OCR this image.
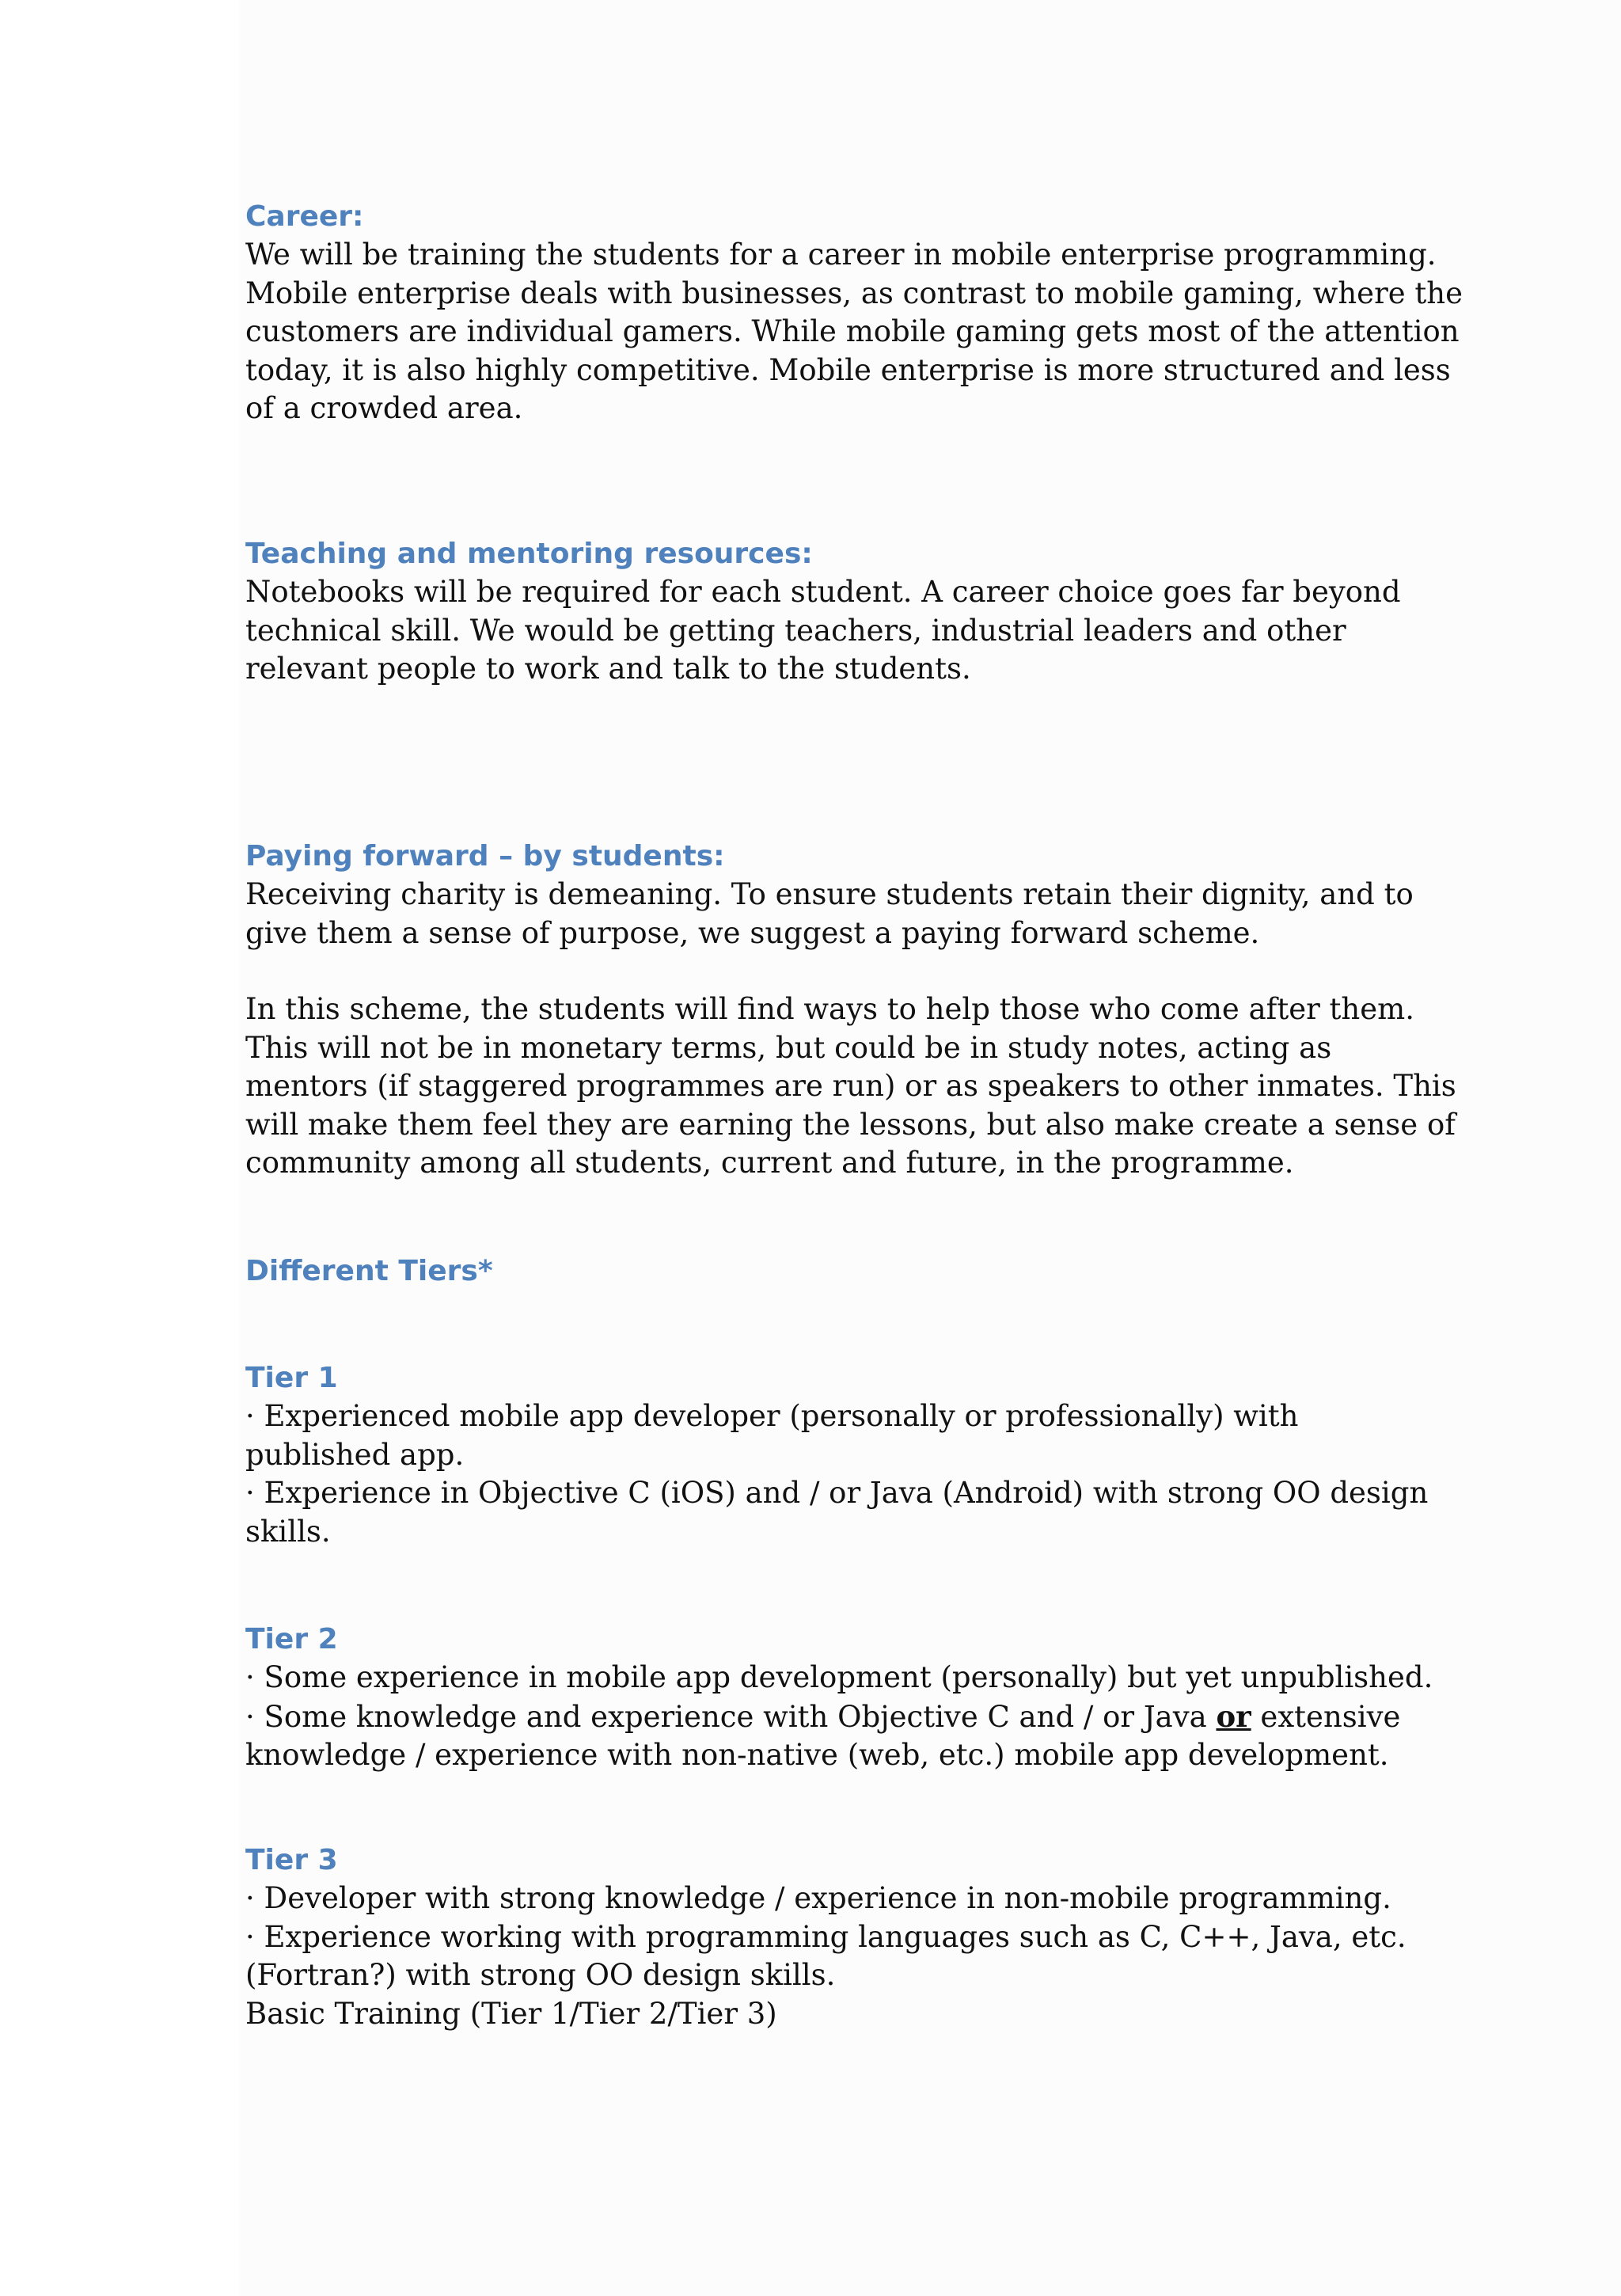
Career:
We will be training the students for a career in mobile enterprise programming.
Mobile enterprise deals with businesses, as contrast to mobile gaming, where the
customers are individual gamers. While mobile gaming gets most of the attention
today, it is also highly competitive. Mobile enterprise is more structured and less
of a crowded area.
Teaching and mentoring resources:
Notebooks will be required for each student. A career choice goes far beyond
technical skill. We would be getting teachers, industrial leaders and other
relevant people to work and talk to the students.
Paying forward – by students:
Receiving charity is demeaning. To ensure students retain their dignity, and to
give them a sense of purpose, we suggest a paying forward scheme.
In this scheme, the students will find ways to help those who come after them.
This will not be in monetary terms, but could be in study notes, acting as
mentors (if staggered programmes are run) or as speakers to other inmates. This
will make them feel they are earning the lessons, but also make create a sense of
community among all students, current and future, in the programme.
Different Tiers*
Tier 1
· Experienced mobile app developer (personally or professionally) with
published app.
· Experience in Objective C (iOS) and / or Java (Android) with strong OO design
skills.
Tier 2
· Some experience in mobile app development (personally) but yet unpublished.
· Some knowledge and experience with Objective C and / or Java or extensive
knowledge / experience with non-native (web, etc.) mobile app development.
Tier 3
· Developer with strong knowledge / experience in non-mobile programming.
· Experience working with programming languages such as C, C++, Java, etc.
(Fortran?) with strong OO design skills.
Basic Training (Tier 1/Tier 2/Tier 3)
